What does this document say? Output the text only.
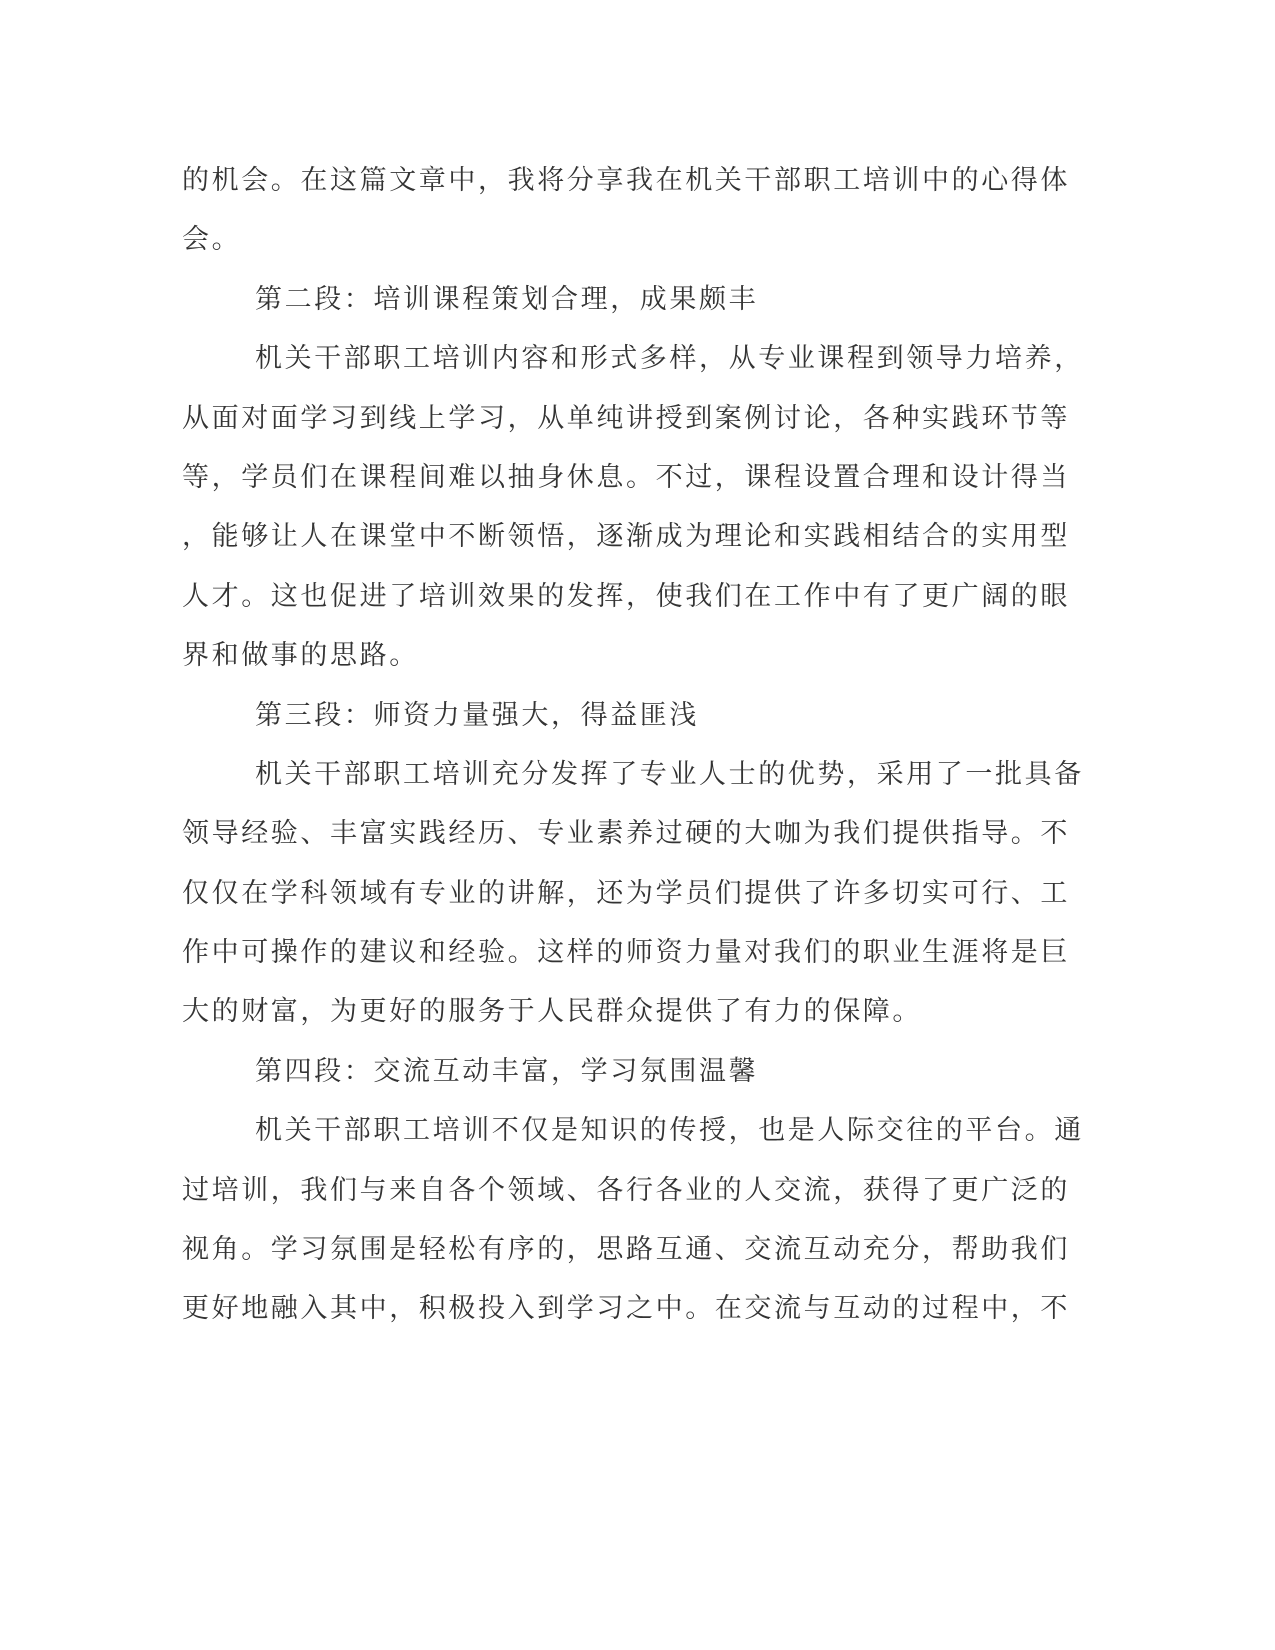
的机会。在这篇文章中，我将分享我在机关干部职工培训中的心得体
会。
第二段：培训课程策划合理，成果颇丰
机关干部职工培训内容和形式多样，从专业课程到领导力培养，
从面对面学习到线上学习，从单纯讲授到案例讨论，各种实践环节等
等，学员们在课程间难以抽身休息。不过，课程设置合理和设计得当
，能够让人在课堂中不断领悟，逐渐成为理论和实践相结合的实用型
人才。这也促进了培训效果的发挥，使我们在工作中有了更广阔的眼
界和做事的思路。
第三段：师资力量强大，得益匪浅
机关干部职工培训充分发挥了专业人士的优势，采用了一批具备
领导经验、丰富实践经历、专业素养过硬的大咖为我们提供指导。不
仅仅在学科领域有专业的讲解，还为学员们提供了许多切实可行、工
作中可操作的建议和经验。这样的师资力量对我们的职业生涯将是巨
大的财富，为更好的服务于人民群众提供了有力的保障。
第四段：交流互动丰富，学习氛围温馨
机关干部职工培训不仅是知识的传授，也是人际交往的平台。通
过培训，我们与来自各个领域、各行各业的人交流，获得了更广泛的
视角。学习氛围是轻松有序的，思路互通、交流互动充分，帮助我们
更好地融入其中，积极投入到学习之中。在交流与互动的过程中，不
